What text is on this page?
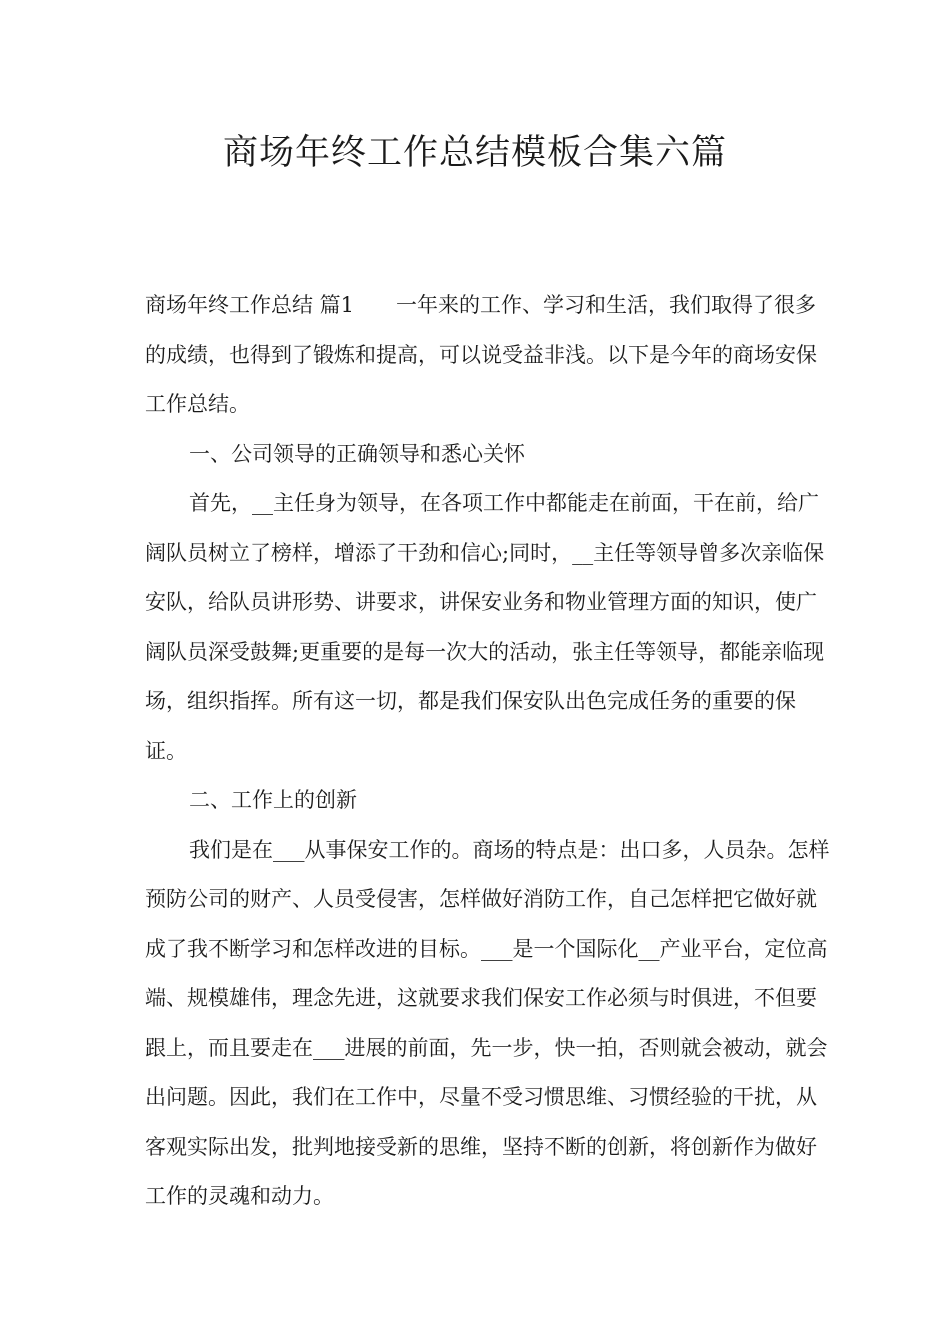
商场年终工作总结模板合集六篇

商场年终工作总结 篇1　　一年来的工作、学习和生活，我们取得了很多的成绩，也得到了锻炼和提高，可以说受益非浅。以下是今年的商场安保工作总结。

一、公司领导的正确领导和悉心关怀

首先，__主任身为领导，在各项工作中都能走在前面，干在前，给广阔队员树立了榜样，增添了干劲和信心;同时，__主任等领导曾多次亲临保安队，给队员讲形势、讲要求，讲保安业务和物业管理方面的知识，使广阔队员深受鼓舞;更重要的是每一次大的活动，张主任等领导，都能亲临现场，组织指挥。所有这一切，都是我们保安队出色完成任务的重要的保证。

二、工作上的创新

我们是在___从事保安工作的。商场的特点是：出口多，人员杂。怎样预防公司的财产、人员受侵害，怎样做好消防工作，自己怎样把它做好就成了我不断学习和怎样改进的目标。___是一个国际化__产业平台，定位高端、规模雄伟，理念先进，这就要求我们保安工作必须与时俱进，不但要跟上，而且要走在___进展的前面，先一步，快一拍，否则就会被动，就会出问题。因此，我们在工作中，尽量不受习惯思维、习惯经验的干扰，从客观实际出发，批判地接受新的思维，坚持不断的创新，将创新作为做好工作的灵魂和动力。
